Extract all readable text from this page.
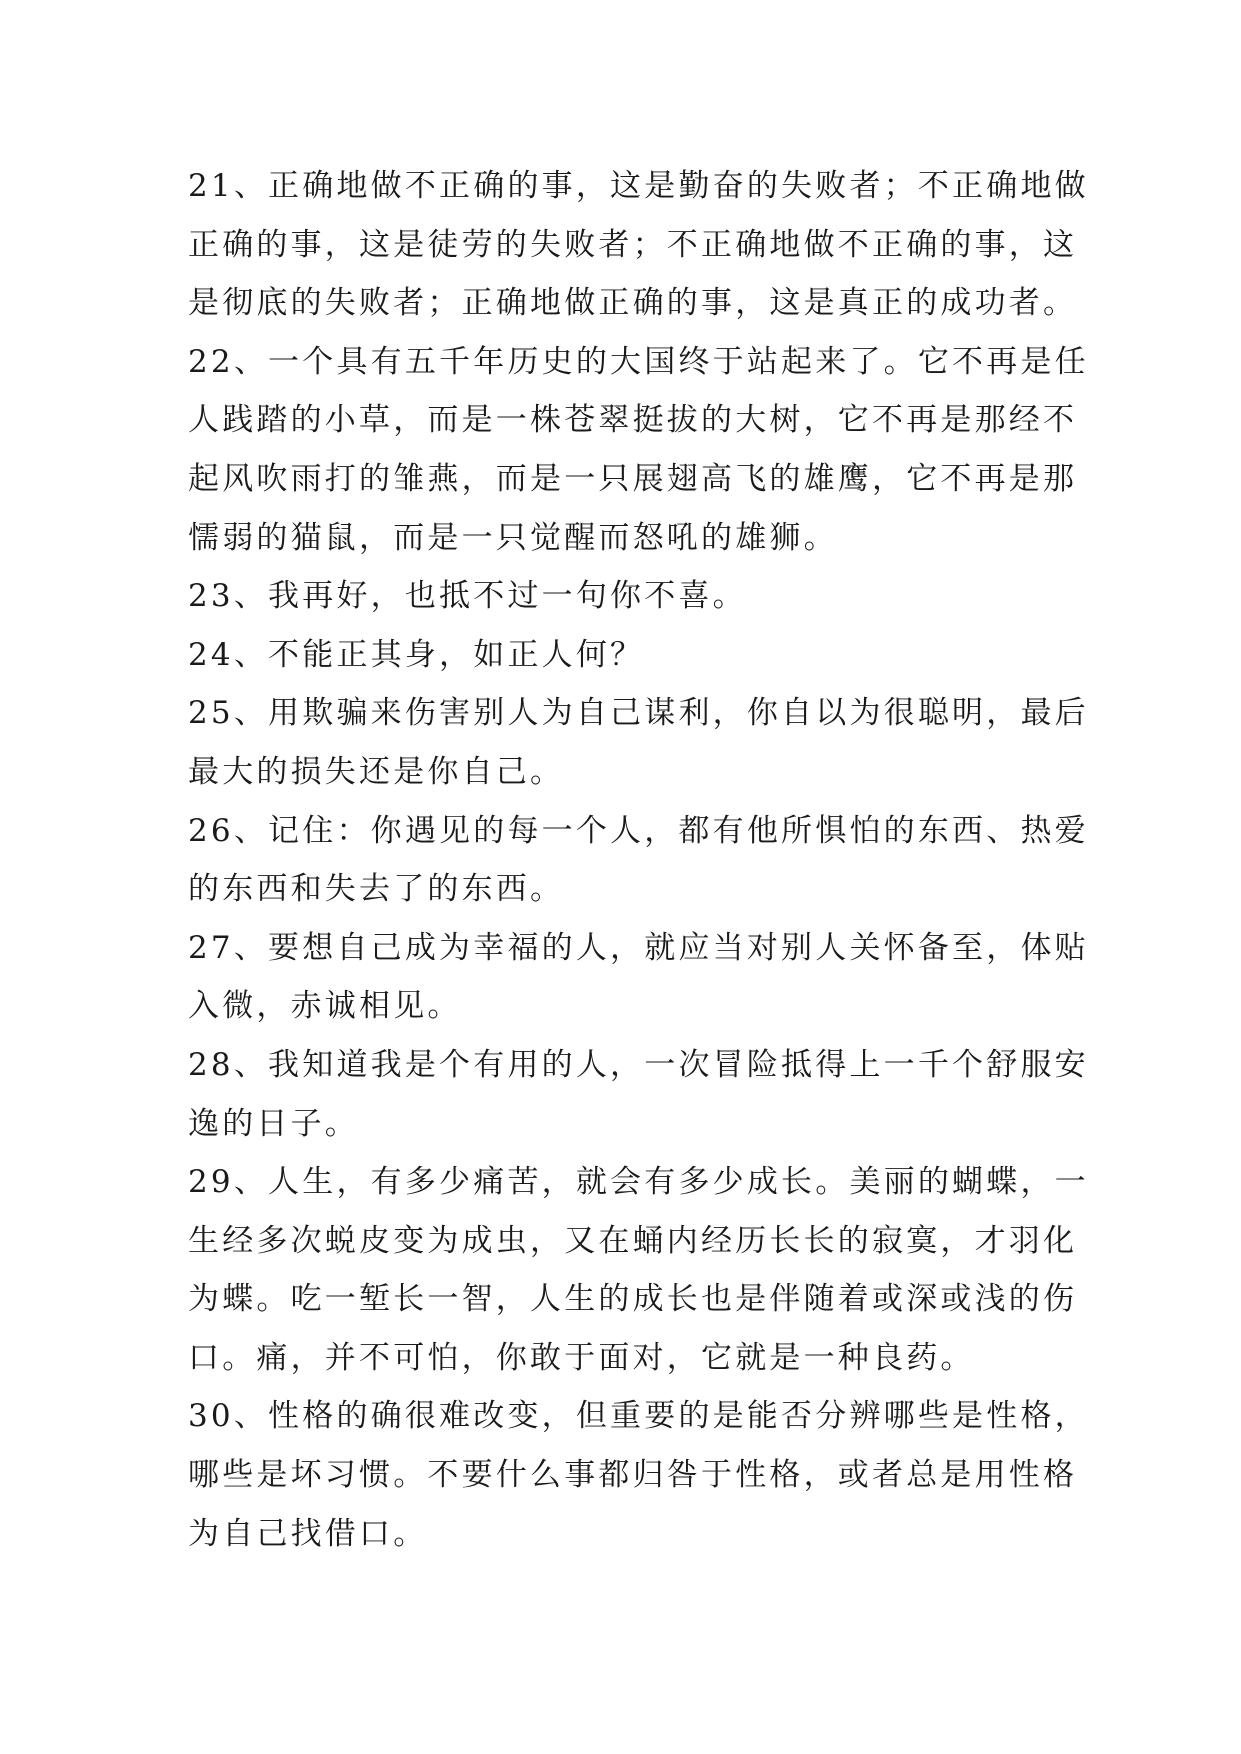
21、正确地做不正确的事，这是勤奋的失败者；不正确地做
正确的事，这是徒劳的失败者；不正确地做不正确的事，这
是彻底的失败者；正确地做正确的事，这是真正的成功者。
22、一个具有五千年历史的大国终于站起来了。它不再是任
人践踏的小草，而是一株苍翠挺拔的大树，它不再是那经不
起风吹雨打的雏燕，而是一只展翅高飞的雄鹰，它不再是那
懦弱的猫鼠，而是一只觉醒而怒吼的雄狮。
23、我再好，也抵不过一句你不喜。
24、不能正其身，如正人何？
25、用欺骗来伤害别人为自己谋利，你自以为很聪明，最后
最大的损失还是你自己。
26、记住：你遇见的每一个人，都有他所惧怕的东西、热爱
的东西和失去了的东西。
27、要想自己成为幸福的人，就应当对别人关怀备至，体贴
入微，赤诚相见。
28、我知道我是个有用的人，一次冒险抵得上一千个舒服安
逸的日子。
29、人生，有多少痛苦，就会有多少成长。美丽的蝴蝶，一
生经多次蜕皮变为成虫，又在蛹内经历长长的寂寞，才羽化
为蝶。吃一堑长一智，人生的成长也是伴随着或深或浅的伤
口。痛，并不可怕，你敢于面对，它就是一种良药。
30、性格的确很难改变，但重要的是能否分辨哪些是性格，
哪些是坏习惯。不要什么事都归咎于性格，或者总是用性格
为自己找借口。
